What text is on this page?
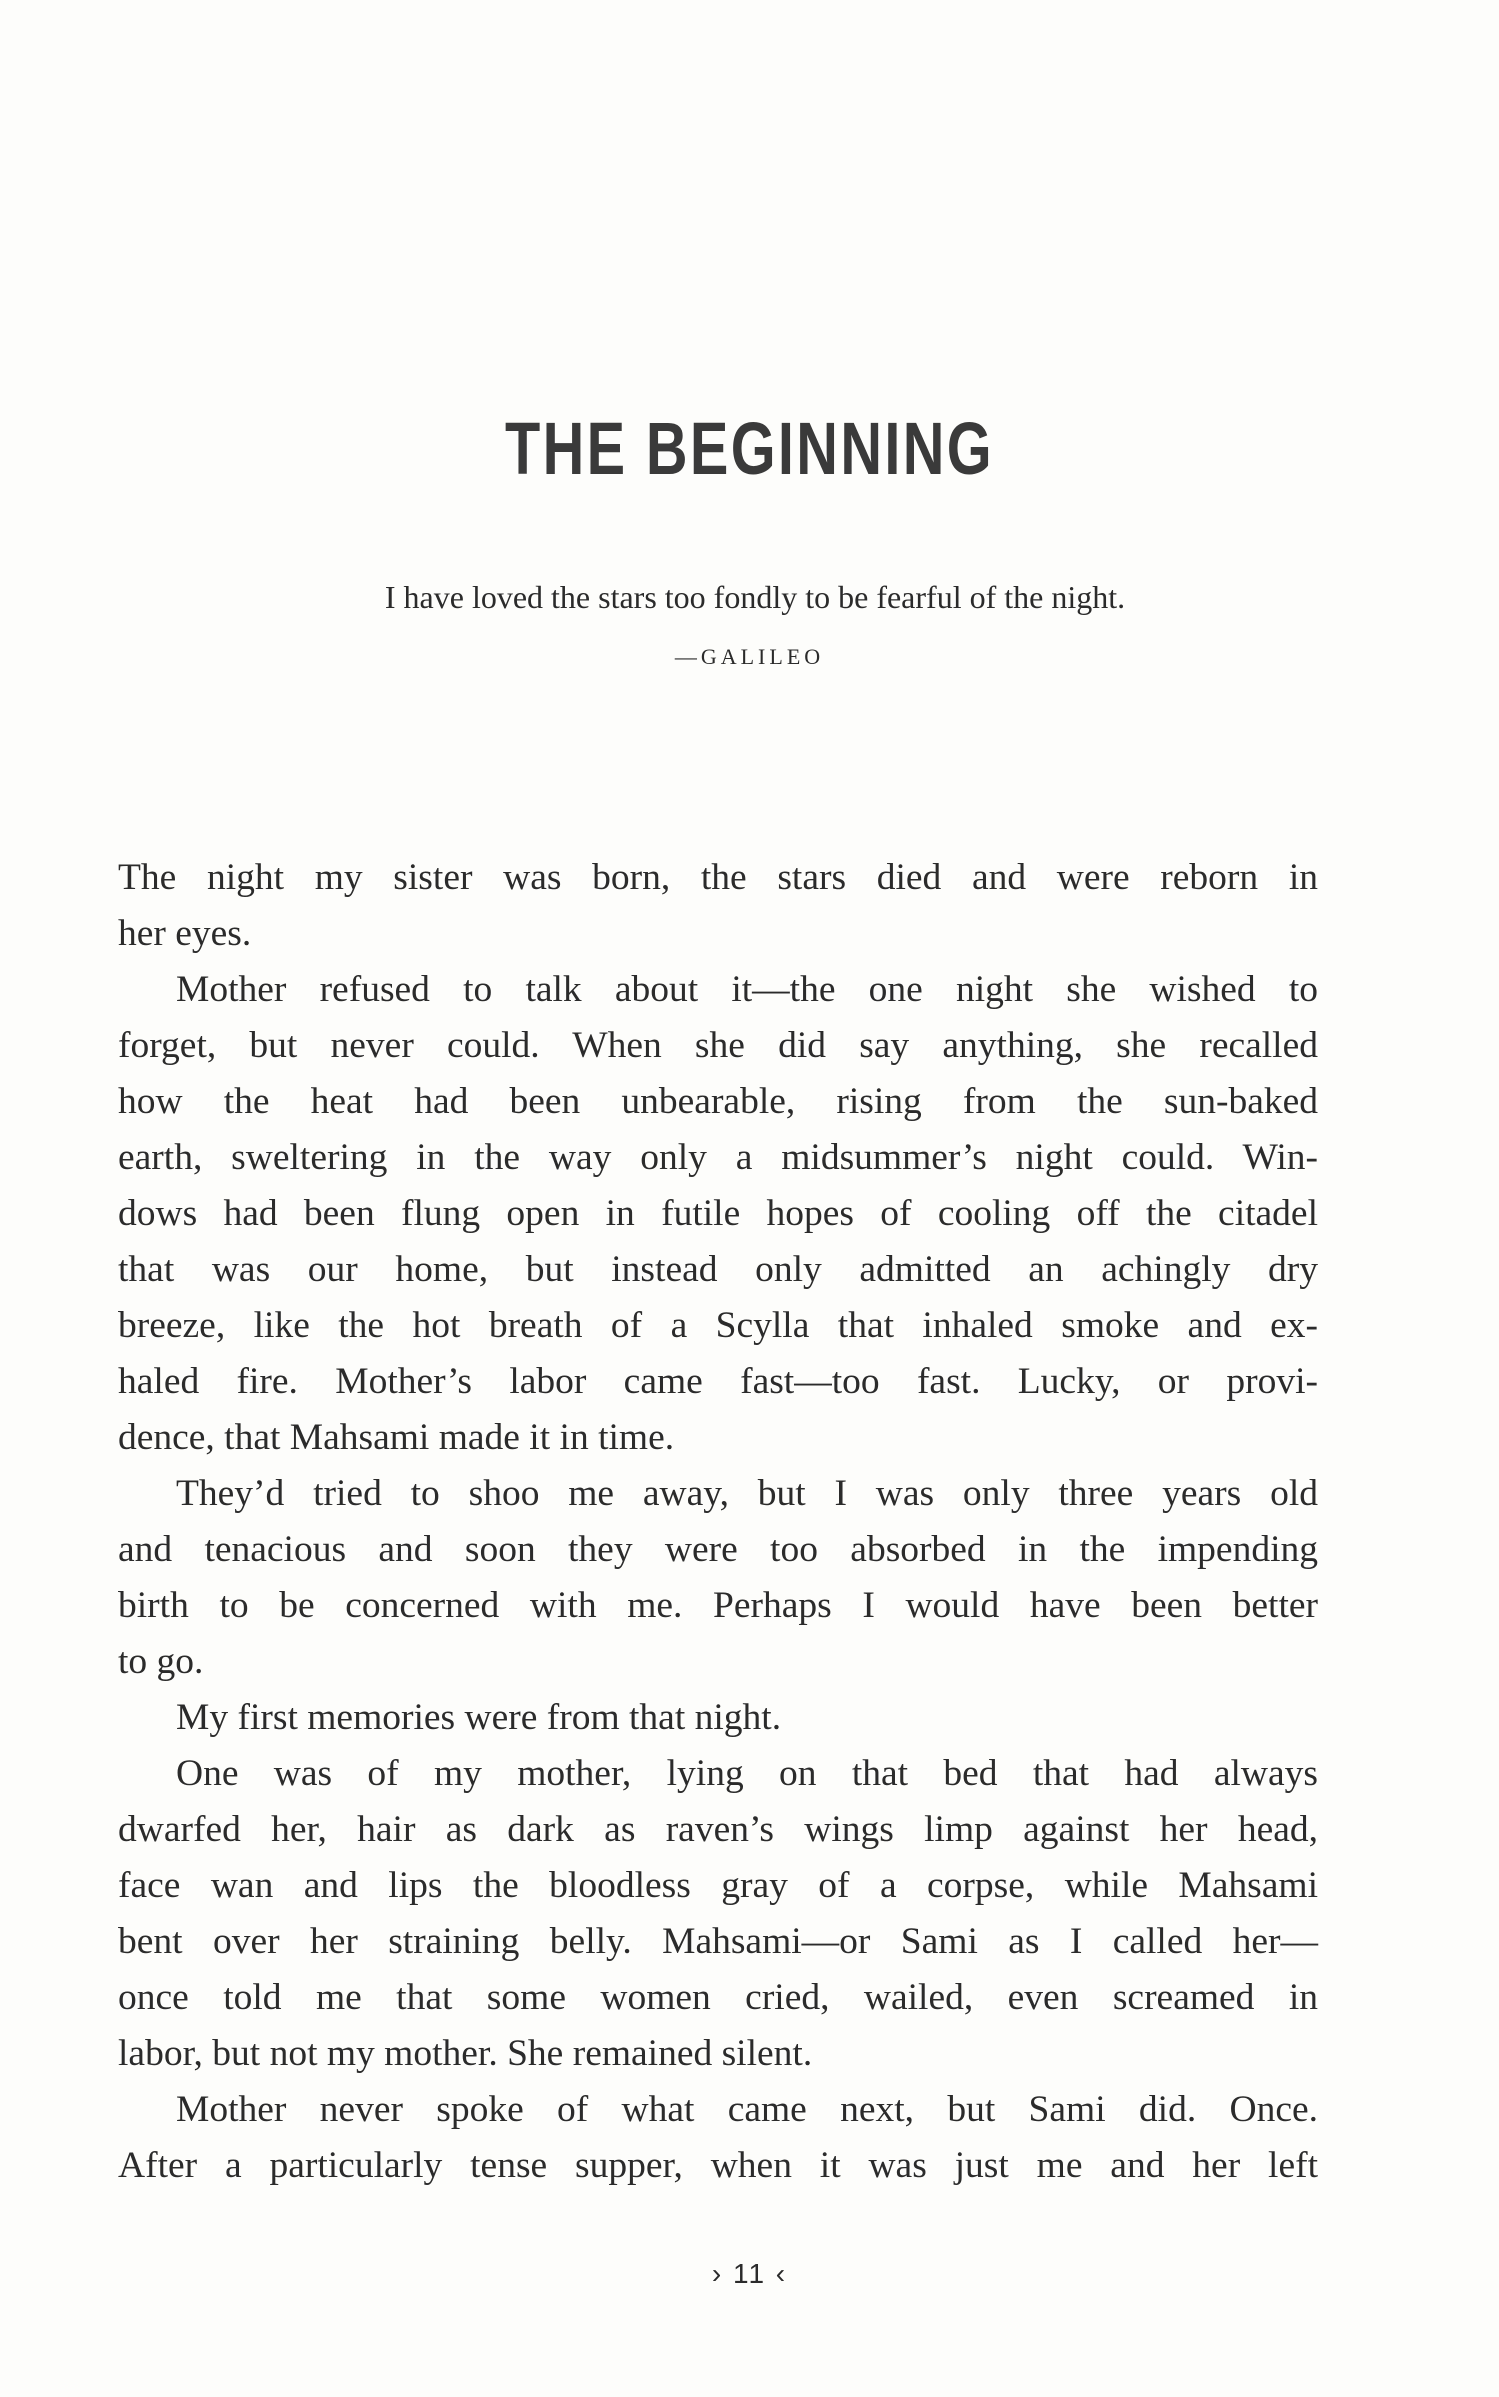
THE BEGINNING
I have loved the stars too fondly to be fearful of the night.
—GALILEO
The night my sister was born, the stars died and were reborn in
her eyes.
Mother refused to talk about it—the one night she wished to
forget, but never could. When she did say anything, she recalled
how the heat had been unbearable, rising from the sun-baked
earth, sweltering in the way only a midsummer’s night could. Win-
dows had been flung open in futile hopes of cooling off the citadel
that was our home, but instead only admitted an achingly dry
breeze, like the hot breath of a Scylla that inhaled smoke and ex-
haled fire. Mother’s labor came fast—too fast. Lucky, or provi-
dence, that Mahsami made it in time.
They’d tried to shoo me away, but I was only three years old
and tenacious and soon they were too absorbed in the impending
birth to be concerned with me. Perhaps I would have been better
to go.
My first memories were from that night.
One was of my mother, lying on that bed that had always
dwarfed her, hair as dark as raven’s wings limp against her head,
face wan and lips the bloodless gray of a corpse, while Mahsami
bent over her straining belly. Mahsami—or Sami as I called her—
once told me that some women cried, wailed, even screamed in
labor, but not my mother. She remained silent.
Mother never spoke of what came next, but Sami did. Once.
After a particularly tense supper, when it was just me and her left
› 11 ‹
